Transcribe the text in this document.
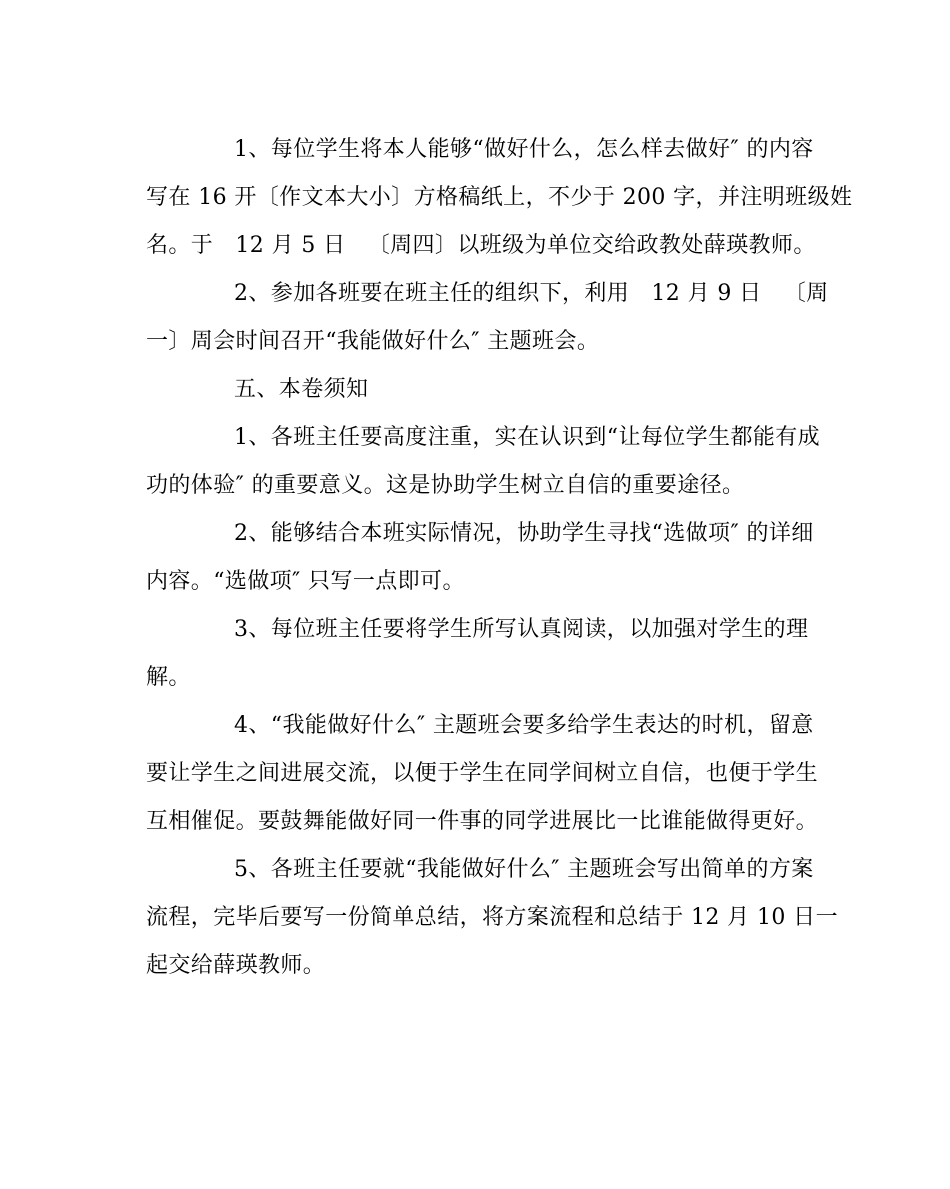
1、每位学生将本人能够“做好什么，怎么样去做好″ 的内容
写在 16 开〔作文本大小〕方格稿纸上，不少于 200 字，并注明班级姓
名。于   12 月 5 日   〔周四〕以班级为单位交给政教处薛瑛教师。
2、参加各班要在班主任的组织下，利用   12 月 9 日   〔周
一〕周会时间召开“我能做好什么″ 主题班会。
五、本卷须知
1、各班主任要高度注重，实在认识到“让每位学生都能有成
功的体验″ 的重要意义。这是协助学生树立自信的重要途径。
2、能够结合本班实际情况，协助学生寻找“选做项″ 的详细
内容。“选做项″ 只写一点即可。
3、每位班主任要将学生所写认真阅读，以加强对学生的理
解。
4、“我能做好什么″ 主题班会要多给学生表达的时机，留意
要让学生之间进展交流，以便于学生在同学间树立自信，也便于学生
互相催促。要鼓舞能做好同一件事的同学进展比一比谁能做得更好。
5、各班主任要就“我能做好什么″ 主题班会写出简单的方案
流程，完毕后要写一份简单总结，将方案流程和总结于 12 月 10 日一
起交给薛瑛教师。
